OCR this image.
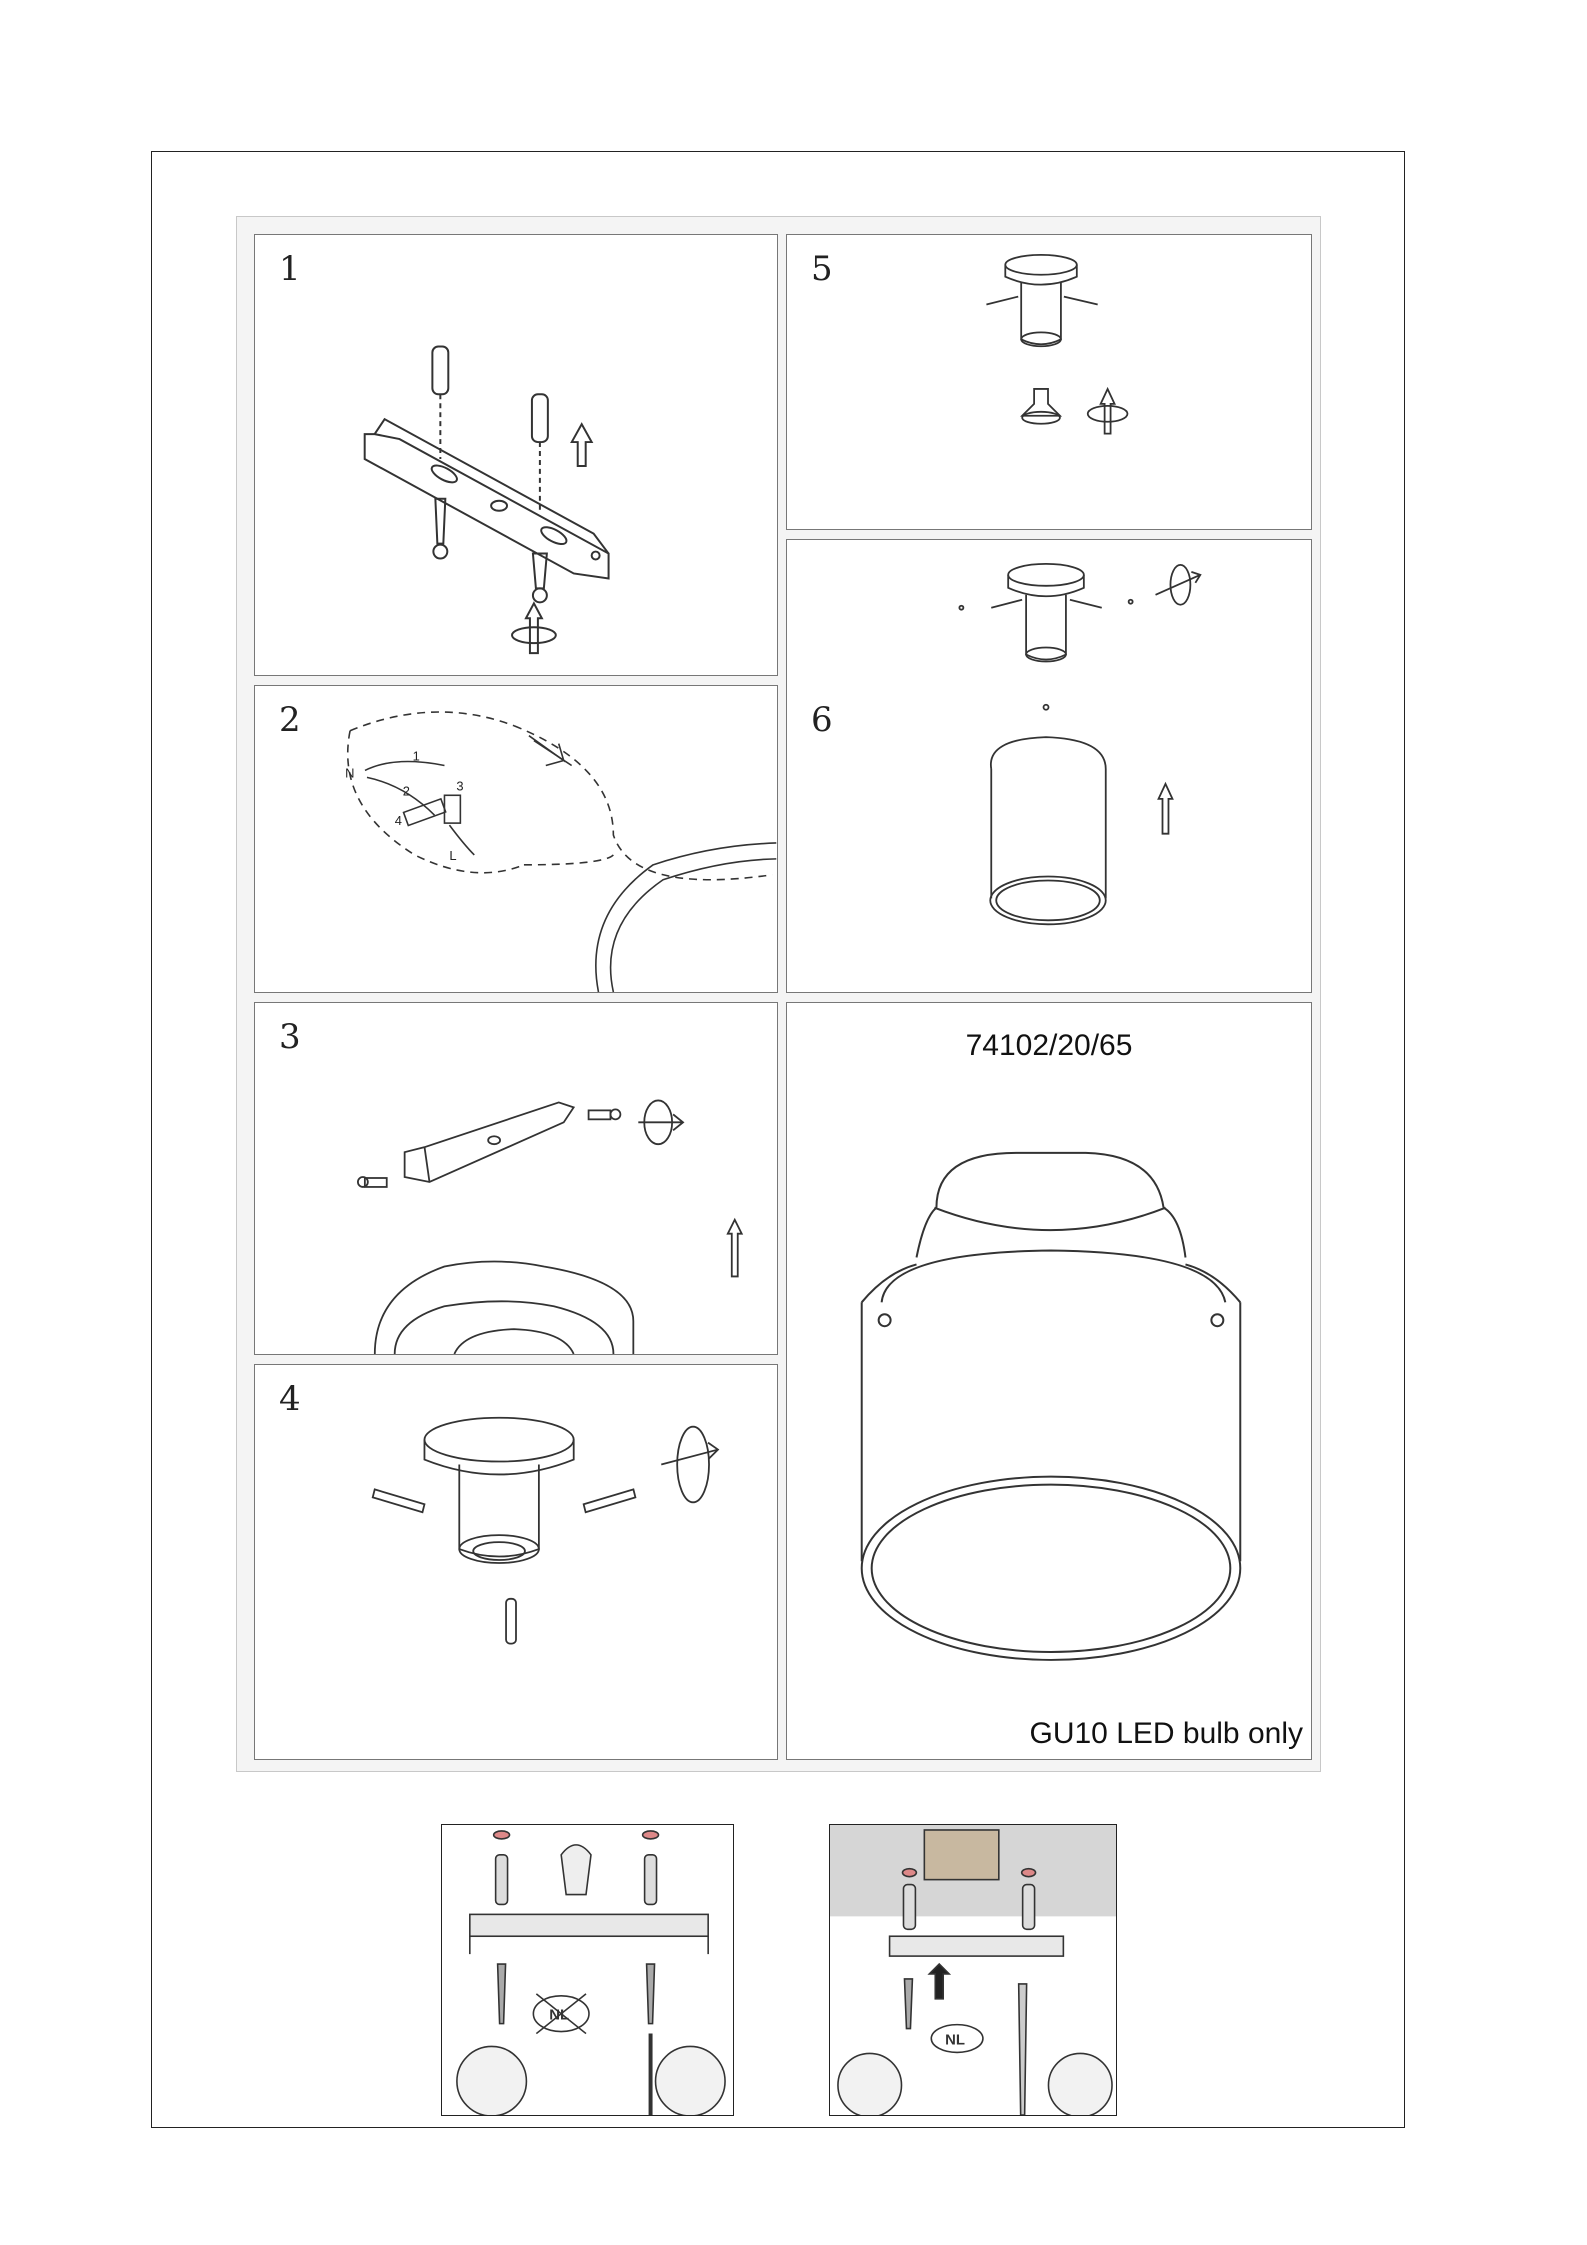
1
2
N
L
1
2	3
4
3
4
5
6
74102/20/65
GU10 LED bulb only
NL
NL
